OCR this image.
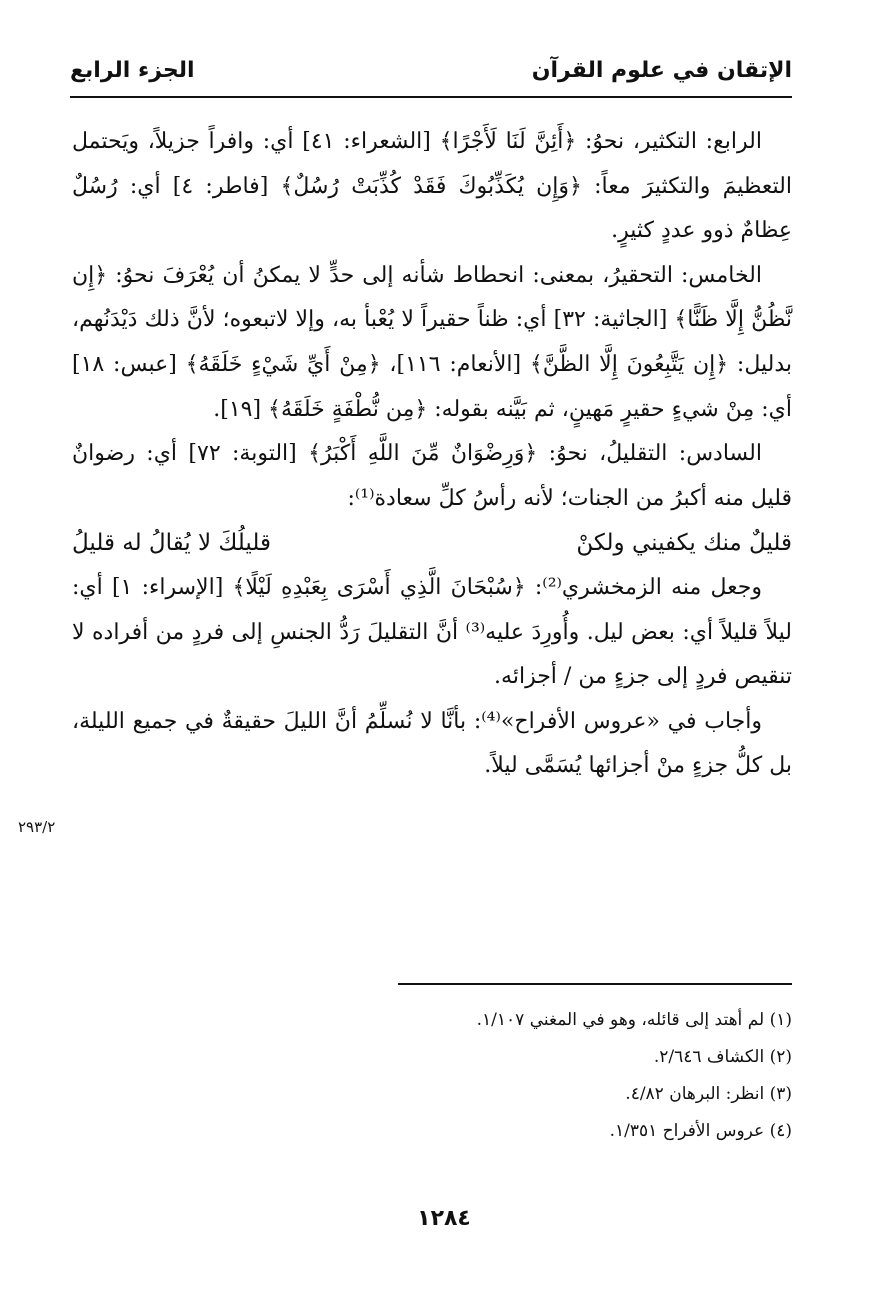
الإتقان في علوم القرآن
الجزء الرابع

الرابع: التكثير، نحوُ: ﴿أَئِنَّ لَنَا لَأَجْرًا﴾ [الشعراء: ٤١] أي: وافراً جزيلاً، ويَحتمل التعظيمَ والتكثيرَ معاً: ﴿وَإِن يُكَذِّبُوكَ فَقَدْ كُذِّبَتْ رُسُلٌ﴾ [فاطر: ٤] أي: رُسُلٌ عِظامٌ ذوو عددٍ كثيرٍ.

الخامس: التحقيرُ، بمعنى: انحطاط شأنه إلى حدٍّ لا يمكنُ أن يُعْرَفَ نحوُ: ﴿إِن نَّظُنُّ إِلَّا ظَنًّا﴾ [الجاثية: ٣٢] أي: ظناً حقيراً لا يُعْبأ به، وإلا لاتبعوه؛ لأنَّ ذلك دَيْدَنُهم، بدليل: ﴿إِن يَتَّبِعُونَ إِلَّا الظَّنَّ﴾ [الأنعام: ١١٦]، ﴿مِنْ أَيِّ شَيْءٍ خَلَقَهُ﴾ [عبس: ١٨] أي: مِنْ شيءٍ حقيرٍ مَهينٍ، ثم بَيَّنه بقوله: ﴿مِن نُّطْفَةٍ خَلَقَهُ﴾ [١٩].

السادس: التقليلُ، نحوُ: ﴿وَرِضْوَانٌ مِّنَ اللَّهِ أَكْبَرُ﴾ [التوبة: ٧٢] أي: رضوانٌ قليل منه أكبرُ من الجنات؛ لأنه رأسُ كلِّ سعادة⁽¹⁾:

قليلٌ منك يكفيني ولكنْ
قليلُكَ لا يُقالُ له قليلُ

وجعل منه الزمخشري⁽²⁾: ﴿سُبْحَانَ الَّذِي أَسْرَى بِعَبْدِهِ لَيْلًا﴾ [الإسراء: ١] أي: ليلاً قليلاً أي: بعض ليل. وأُورِدَ عليه⁽³⁾ أنَّ التقليلَ رَدُّ الجنسِ إلى فردٍ من أفراده لا تنقيص فردٍ إلى جزءٍ من / أجزائه.

وأجاب في «عروس الأفراح»⁽⁴⁾: بأنَّا لا نُسلِّمُ أنَّ الليلَ حقيقةٌ في جميع الليلة، بل كلُّ جزءٍ منْ أجزائها يُسَمَّى ليلاً.

٢٩٣/٢
(١) لم أهتد إلى قائله، وهو في المغني ١/١٠٧.
(٢) الكشاف ٢/٦٤٦.
(٣) انظر: البرهان ٤/٨٢.
(٤) عروس الأفراح ١/٣٥١.
١٢٨٤
